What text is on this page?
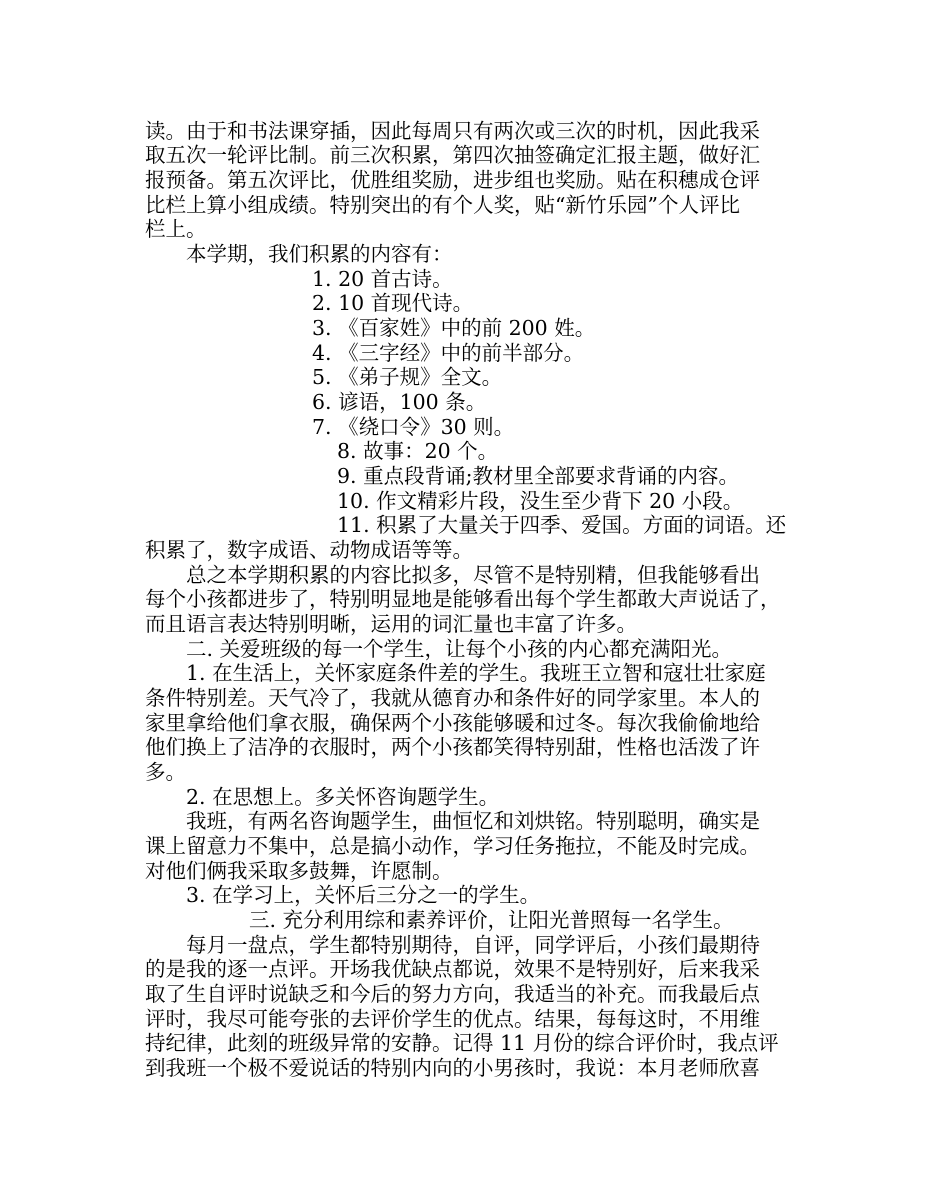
读。由于和书法课穿插，因此每周只有两次或三次的时机，因此我采
取五次一轮评比制。前三次积累，第四次抽签确定汇报主题，做好汇
报预备。第五次评比，优胜组奖励，进步组也奖励。贴在积穗成仓评
比栏上算小组成绩。特别突出的有个人奖，贴“新竹乐园”个人评比
栏上。
本学期，我们积累的内容有：
1. 20 首古诗。
2. 10 首现代诗。
3. 《百家姓》中的前 200 姓。
4. 《三字经》中的前半部分。
5. 《弟子规》全文。
6. 谚语，100 条。
7. 《绕口令》30 则。
8. 故事：20 个。
9. 重点段背诵;教材里全部要求背诵的内容。
10. 作文精彩片段，没生至少背下 20 小段。
11. 积累了大量关于四季、爱国。方面的词语。还
积累了，数字成语、动物成语等等。
总之本学期积累的内容比拟多，尽管不是特别精，但我能够看出
每个小孩都进步了，特别明显地是能够看出每个学生都敢大声说话了，
而且语言表达特别明晰，运用的词汇量也丰富了许多。
二. 关爱班级的每一个学生，让每个小孩的内心都充满阳光。
1. 在生活上，关怀家庭条件差的学生。我班王立智和寇壮壮家庭
条件特别差。天气冷了，我就从德育办和条件好的同学家里。本人的
家里拿给他们拿衣服，确保两个小孩能够暖和过冬。每次我偷偷地给
他们换上了洁净的衣服时，两个小孩都笑得特别甜，性格也活泼了许
多。
2. 在思想上。多关怀咨询题学生。
我班，有两名咨询题学生，曲恒忆和刘烘铭。特别聪明，确实是
课上留意力不集中，总是搞小动作，学习任务拖拉，不能及时完成。
对他们俩我采取多鼓舞，许愿制。
3. 在学习上，关怀后三分之一的学生。
三. 充分利用综和素养评价，让阳光普照每一名学生。
每月一盘点，学生都特别期待，自评，同学评后，小孩们最期待
的是我的逐一点评。开场我优缺点都说，效果不是特别好，后来我采
取了生自评时说缺乏和今后的努力方向，我适当的补充。而我最后点
评时，我尽可能夸张的去评价学生的优点。结果，每每这时，不用维
持纪律，此刻的班级异常的安静。记得 11 月份的综合评价时，我点评
到我班一个极不爱说话的特别内向的小男孩时，我说：本月老师欣喜
